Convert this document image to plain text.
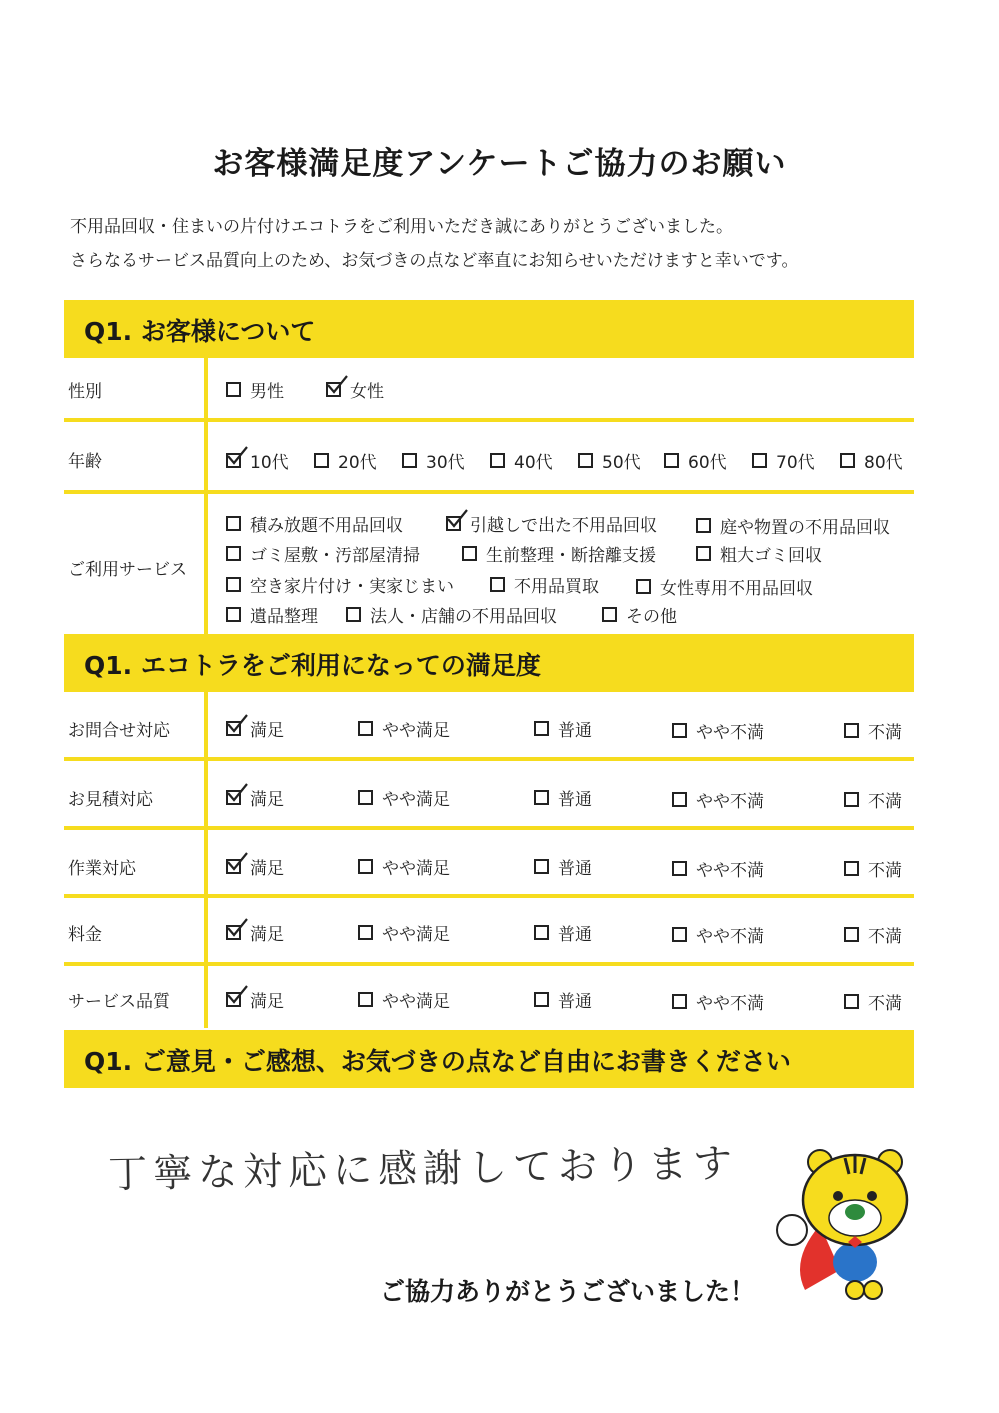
お客様満足度アンケートご協力のお願い
不用品回収・住まいの片付けエコトラをご利用いただき誠にありがとうございました。
さらなるサービス品質向上のため、お気づきの点など率直にお知らせいただけますと幸いです。
Q1. お客様について
性別	男性	女性
年齢	10代	20代	30代	40代	50代	60代	70代	80代
ご利用サービス
積み放題不用品回収	引越しで出た不用品回収	庭や物置の不用品回収
ゴミ屋敷・汚部屋清掃	生前整理・断捨離支援	粗大ゴミ回収
空き家片付け・実家じまい	不用品買取	女性専用不用品回収
遺品整理	法人・店舗の不用品回収	その他
Q1. エコトラをご利用になっての満足度
お問合せ対応	満足	やや満足	普通	やや不満	不満
お見積対応	満足	やや満足	普通	やや不満	不満
作業対応	満足	やや満足	普通	やや不満	不満
料金	満足	やや満足	普通	やや不満	不満
サービス品質	満足	やや満足	普通	やや不満	不満
Q1. ご意見・ご感想、お気づきの点など自由にお書きください
丁寧な対応に感謝しております
ご協力ありがとうございました！
